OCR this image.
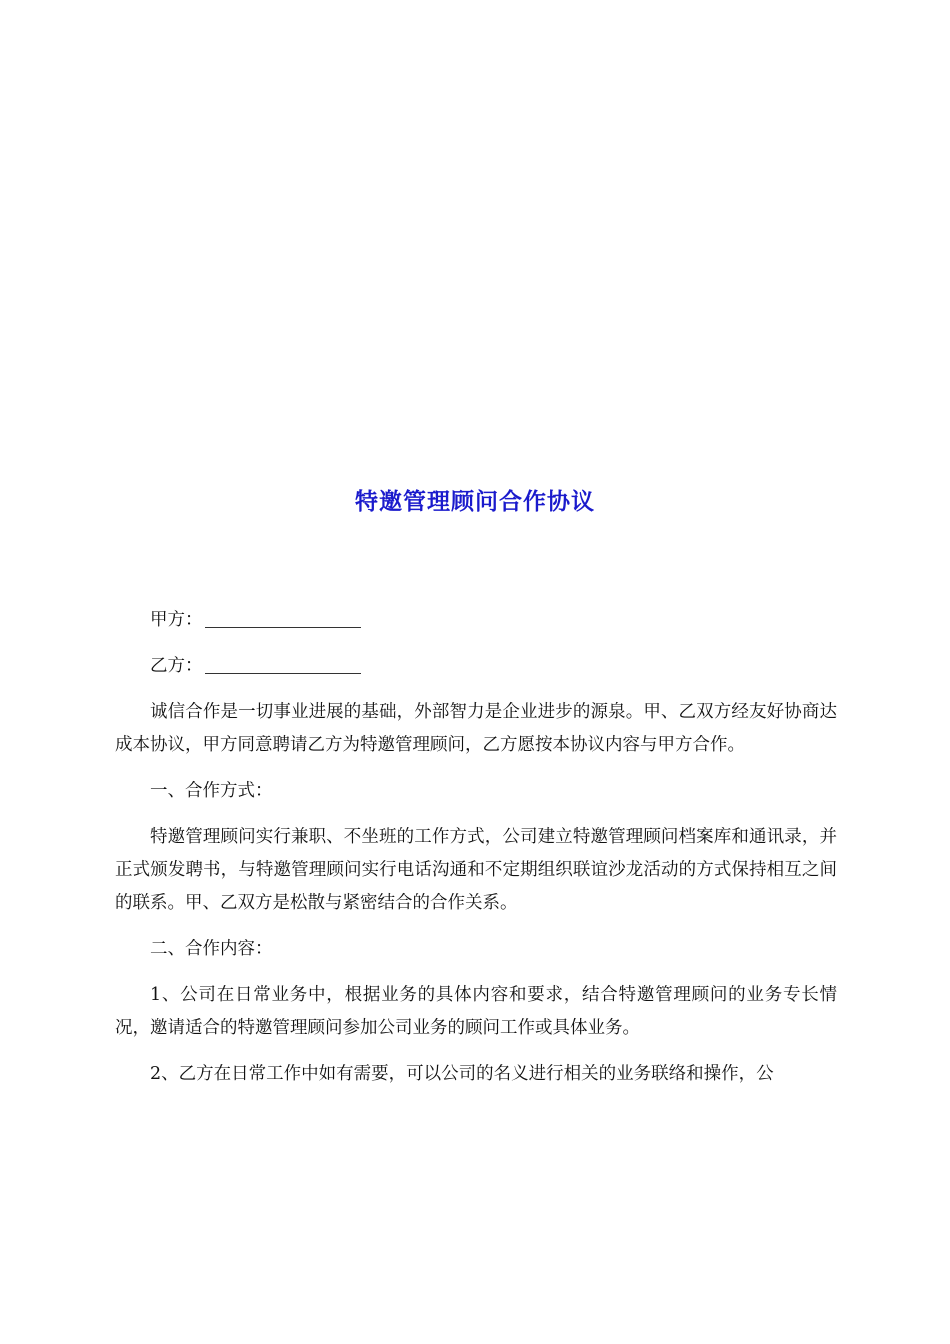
特邀管理顾问合作协议

甲方：

乙方：

诚信合作是一切事业进展的基础，外部智力是企业进步的源泉。甲、乙双方经友好协商达成本协议，甲方同意聘请乙方为特邀管理顾问，乙方愿按本协议内容与甲方合作。

一、合作方式：

特邀管理顾问实行兼职、不坐班的工作方式，公司建立特邀管理顾问档案库和通讯录，并正式颁发聘书，与特邀管理顾问实行电话沟通和不定期组织联谊沙龙活动的方式保持相互之间的联系。甲、乙双方是松散与紧密结合的合作关系。

二、合作内容：

1、公司在日常业务中，根据业务的具体内容和要求，结合特邀管理顾问的业务专长情况，邀请适合的特邀管理顾问参加公司业务的顾问工作或具体业务。

2、乙方在日常工作中如有需要，可以公司的名义进行相关的业务联络和操作，公
